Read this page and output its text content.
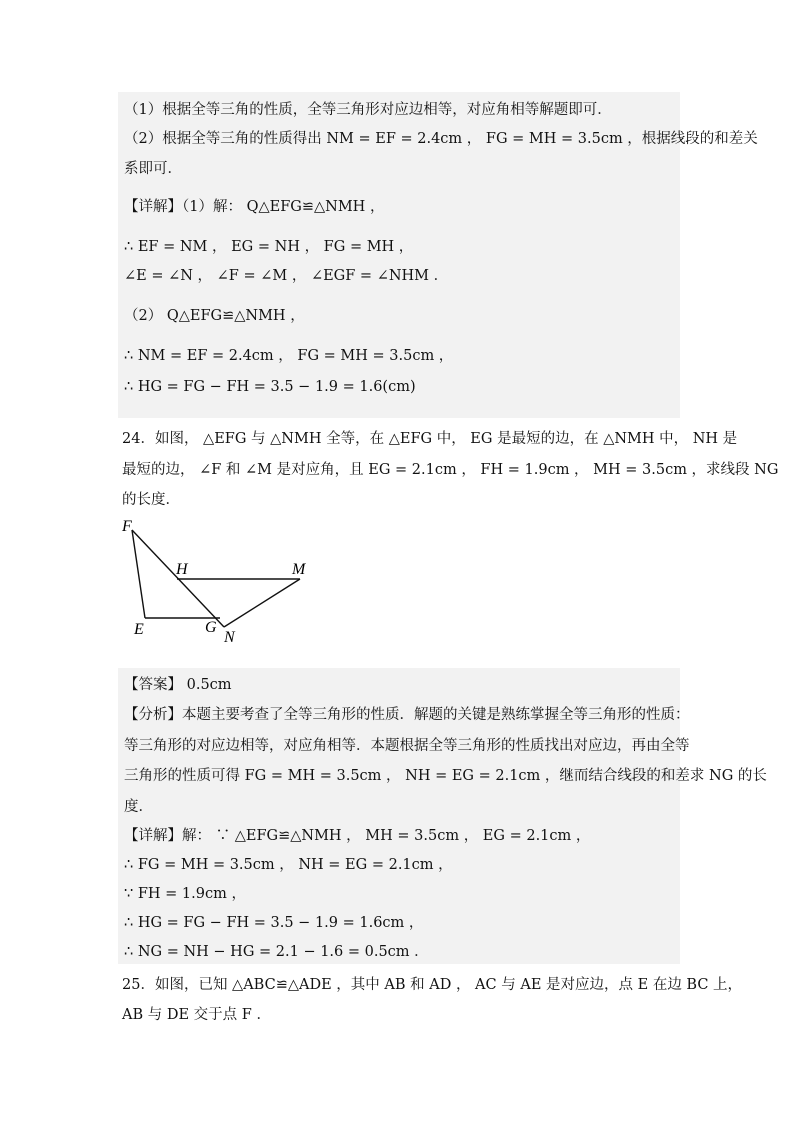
（1）根据全等三角的性质，全等三角形对应边相等，对应角相等解题即可．
（2）根据全等三角的性质得出 NM = EF = 2.4cm ， FG = MH = 3.5cm ，根据线段的和差关
系即可．
【详解】（1）解： Q△EFG≌△NMH ，
∴ EF = NM ， EG = NH ， FG = MH ，
∠E = ∠N ， ∠F = ∠M ， ∠EGF = ∠NHM ．
（2） Q△EFG≌△NMH ，
∴ NM = EF = 2.4cm ， FG = MH = 3.5cm ，
∴ HG = FG − FH = 3.5 − 1.9 = 1.6(cm)
24．如图， △EFG 与 △NMH 全等，在 △EFG 中， EG 是最短的边，在 △NMH 中， NH 是
最短的边， ∠F 和 ∠M 是对应角，且 EG = 2.1cm ， FH = 1.9cm ， MH = 3.5cm ，求线段 NG
的长度．
F
H	M
E	G
N
【答案】 0.5cm
【分析】本题主要考查了全等三角形的性质．解题的关键是熟练掌握全等三角形的性质：
等三角形的对应边相等，对应角相等．本题根据全等三角形的性质找出对应边，再由全等
三角形的性质可得 FG = MH = 3.5cm ， NH = EG = 2.1cm ，继而结合线段的和差求 NG 的长
度．
【详解】解： ∵ △EFG≌△NMH ， MH = 3.5cm ， EG = 2.1cm ，
∴ FG = MH = 3.5cm ， NH = EG = 2.1cm ，
∵ FH = 1.9cm ，
∴ HG = FG − FH = 3.5 − 1.9 = 1.6cm ，
∴ NG = NH − HG = 2.1 − 1.6 = 0.5cm ．
25．如图，已知 △ABC≌△ADE ，其中 AB 和 AD ， AC 与 AE 是对应边，点 E 在边 BC 上，
AB 与 DE 交于点 F ．
